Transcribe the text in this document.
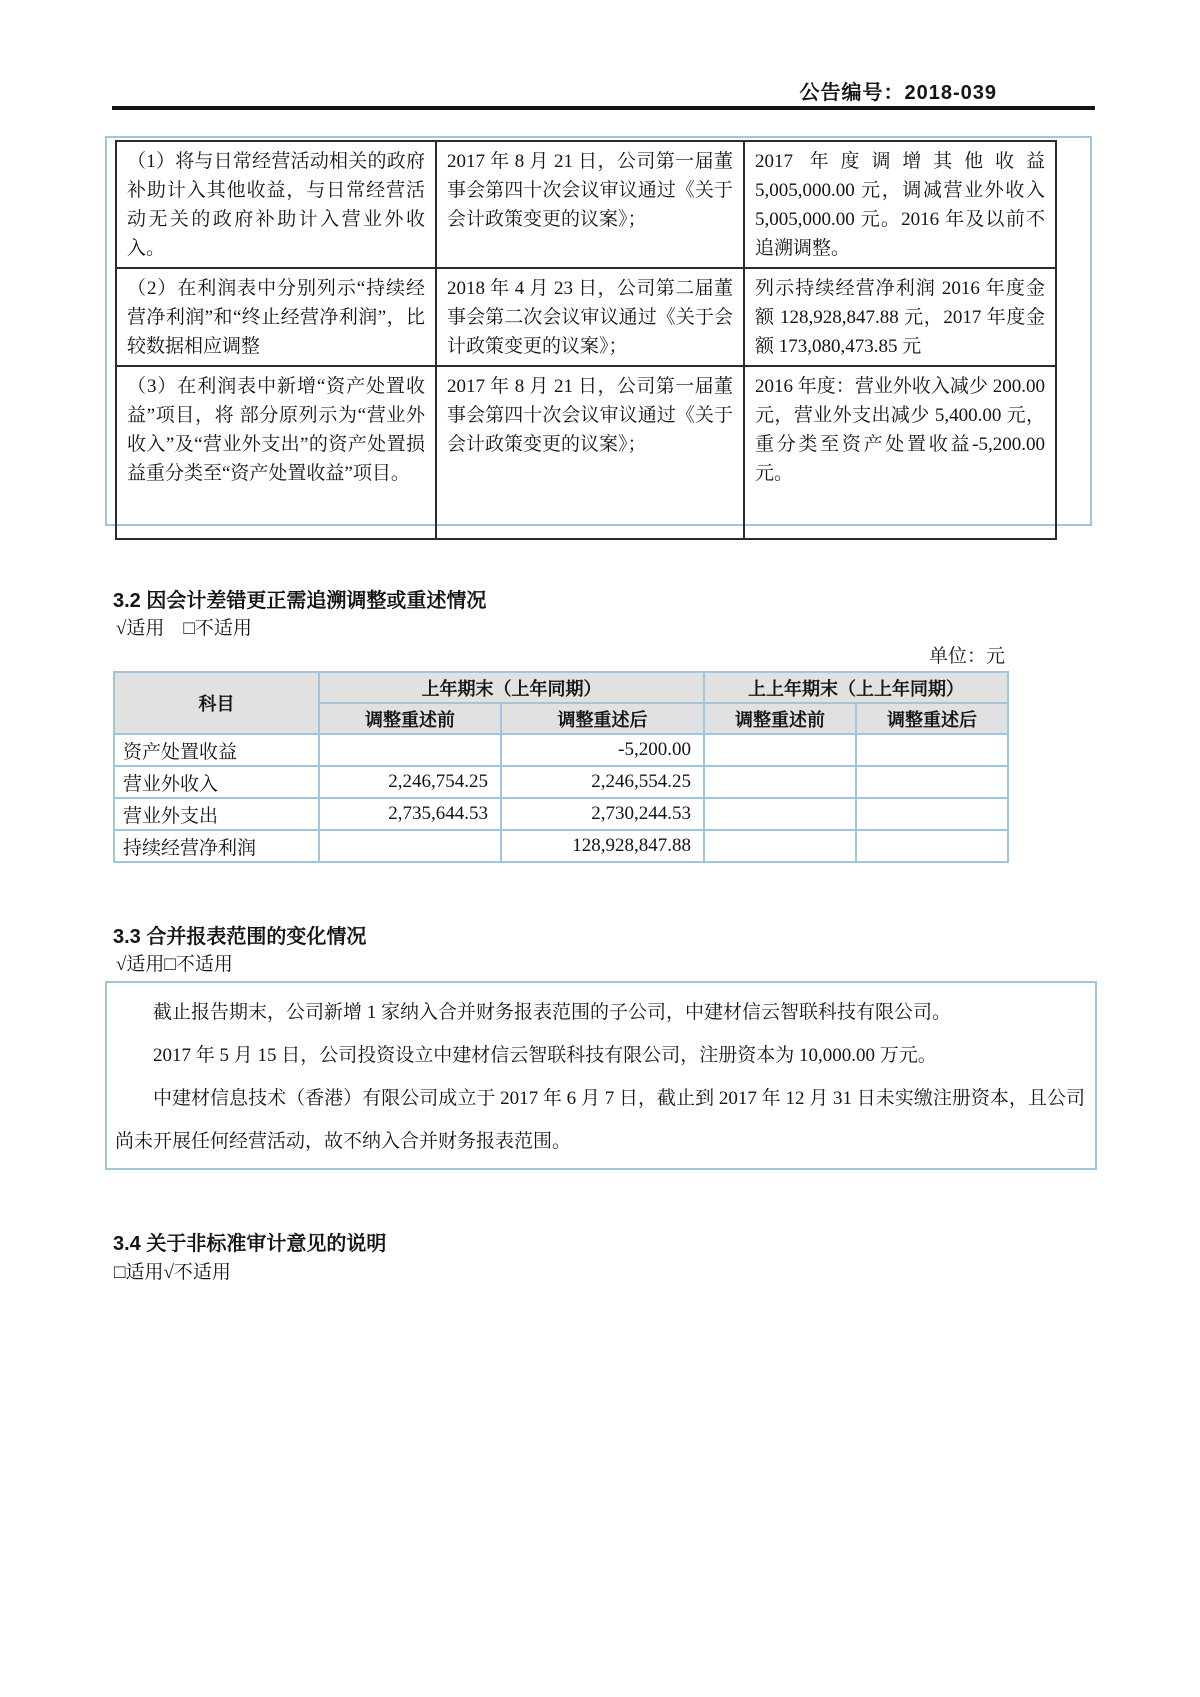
公告编号：2018-039
（1）将与日常经营活动相关的政府补助计入其他收益，与日常经营活动无关的政府补助计入营业外收入。	2017 年 8 月 21 日，公司第一届董事会第四十次会议审议通过《关于会计政策变更的议案》；	2017 年度调增其他收益 5,005,000.00 元，调减营业外收入 5,005,000.00 元。2016 年及以前不追溯调整。
（2）在利润表中分别列示“持续经营净利润”和“终止经营净利润”，比较数据相应调整	2018 年 4 月 23 日，公司第二届董事会第二次会议审议通过《关于会计政策变更的议案》；	列示持续经营净利润 2016 年度金额 128,928,847.88 元，2017 年度金额 173,080,473.85 元
（3）在利润表中新增“资产处置收益”项目，将 部分原列示为“营业外收入”及“营业外支出”的资产处置损益重分类至“资产处置收益”项目。	2017 年 8 月 21 日，公司第一届董事会第四十次会议审议通过《关于会计政策变更的议案》；	2016 年度：营业外收入减少 200.00 元，营业外支出减少 5,400.00 元，重分类至资产处置收益-5,200.00 元。
3.2 因会计差错更正需追溯调整或重述情况
√适用　□不适用
单位：元
科目	上年期末（上年同期）		上上年期末（上上年同期）	
	调整重述前	调整重述后	调整重述前	调整重述后
资产处置收益		-5,200.00		
营业外收入	2,246,754.25	2,246,554.25		
营业外支出	2,735,644.53	2,730,244.53		
持续经营净利润		128,928,847.88		
3.3 合并报表范围的变化情况
√适用□不适用

截止报告期末，公司新增 1 家纳入合并财务报表范围的子公司，中建材信云智联科技有限公司。

2017 年 5 月 15 日，公司投资设立中建材信云智联科技有限公司，注册资本为 10,000.00 万元。

中建材信息技术（香港）有限公司成立于 2017 年 6 月 7 日，截止到 2017 年 12 月 31 日未实缴注册资本，且公司尚未开展任何经营活动，故不纳入合并财务报表范围。

3.4 关于非标准审计意见的说明
□适用√不适用
